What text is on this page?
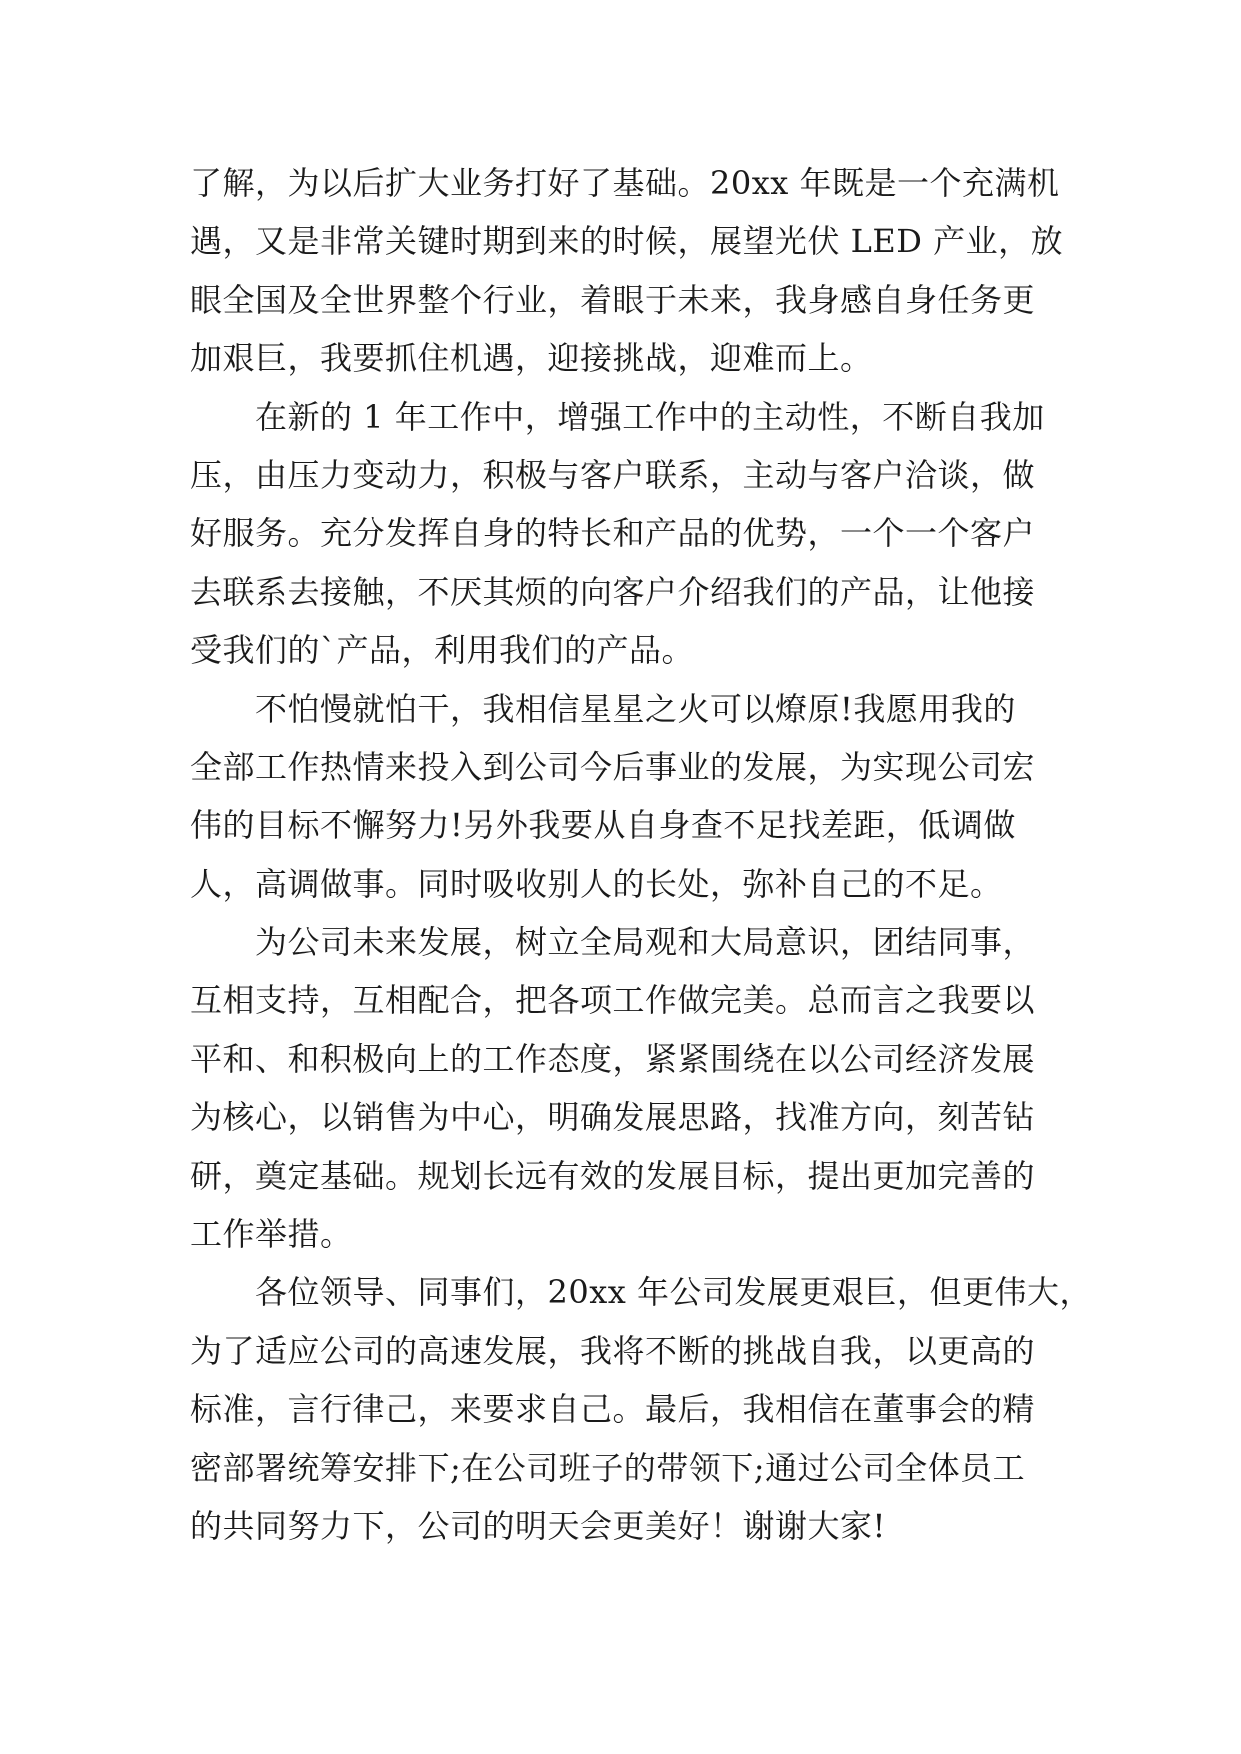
了解，为以后扩大业务打好了基础。20xx 年既是一个充满机
遇，又是非常关键时期到来的时候，展望光伏 LED 产业，放
眼全国及全世界整个行业，着眼于未来，我身感自身任务更
加艰巨，我要抓住机遇，迎接挑战，迎难而上。
　　在新的 1 年工作中，增强工作中的主动性，不断自我加
压，由压力变动力，积极与客户联系，主动与客户洽谈，做
好服务。充分发挥自身的特长和产品的优势，一个一个客户
去联系去接触，不厌其烦的向客户介绍我们的产品，让他接
受我们的`产品，利用我们的产品。
　　不怕慢就怕干，我相信星星之火可以燎原!我愿用我的
全部工作热情来投入到公司今后事业的发展，为实现公司宏
伟的目标不懈努力!另外我要从自身查不足找差距，低调做
人，高调做事。同时吸收别人的长处，弥补自己的不足。
　　为公司未来发展，树立全局观和大局意识，团结同事，
互相支持，互相配合，把各项工作做完美。总而言之我要以
平和、和积极向上的工作态度，紧紧围绕在以公司经济发展
为核心，以销售为中心，明确发展思路，找准方向，刻苦钻
研，奠定基础。规划长远有效的发展目标，提出更加完善的
工作举措。
　　各位领导、同事们，20xx 年公司发展更艰巨，但更伟大，
为了适应公司的高速发展，我将不断的挑战自我，以更高的
标准，言行律己，来要求自己。最后，我相信在董事会的精
密部署统筹安排下;在公司班子的带领下;通过公司全体员工
的共同努力下，公司的明天会更美好！谢谢大家!
